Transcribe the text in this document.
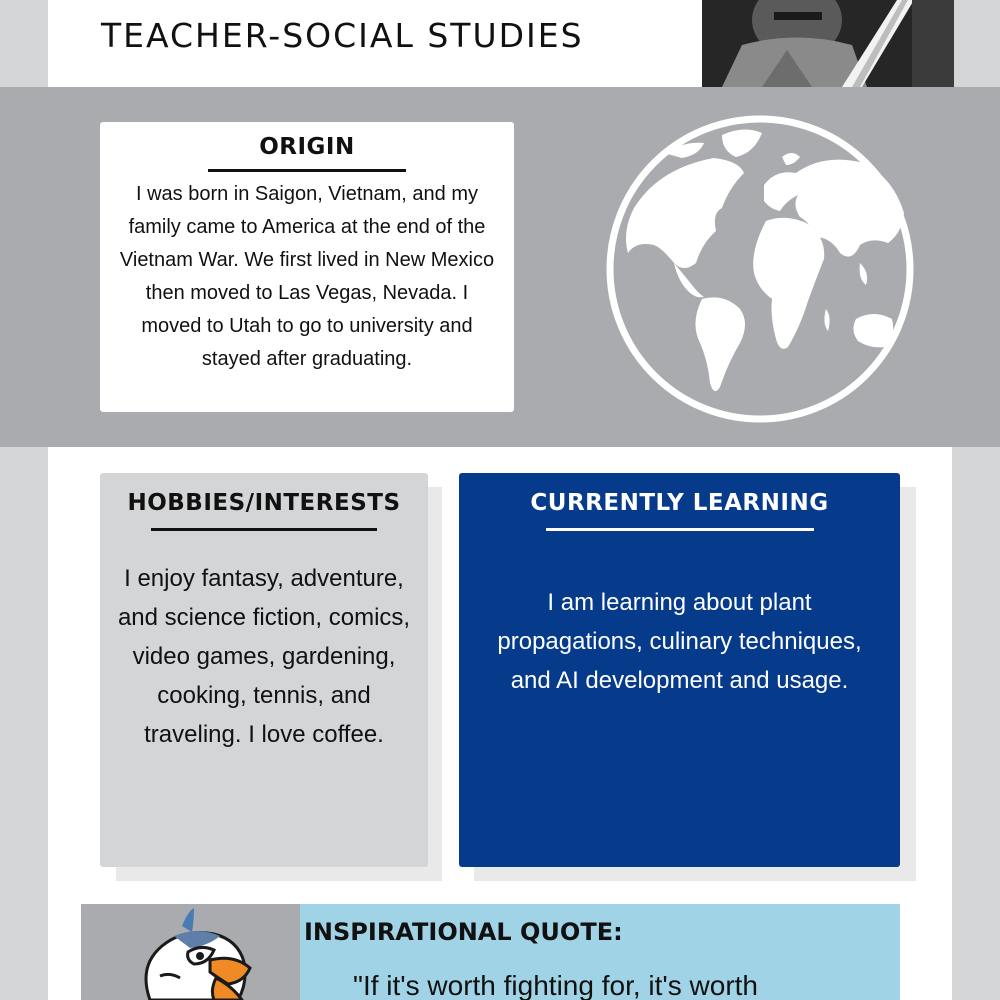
TEACHER-SOCIAL STUDIES
ORIGIN

I was born in Saigon, Vietnam, and my family came to America at the end of the Vietnam War. We first lived in New Mexico then moved to Las Vegas, Nevada. I moved to Utah to go to university and stayed after graduating.

HOBBIES/INTERESTS

I enjoy fantasy, adventure, and science fiction, comics, video games, gardening, cooking, tennis, and traveling. I love coffee.

CURRENTLY LEARNING

I am learning about plant propagations, culinary techniques, and AI development and usage.

INSPIRATIONAL QUOTE:

"If it's worth fighting for, it's worth
